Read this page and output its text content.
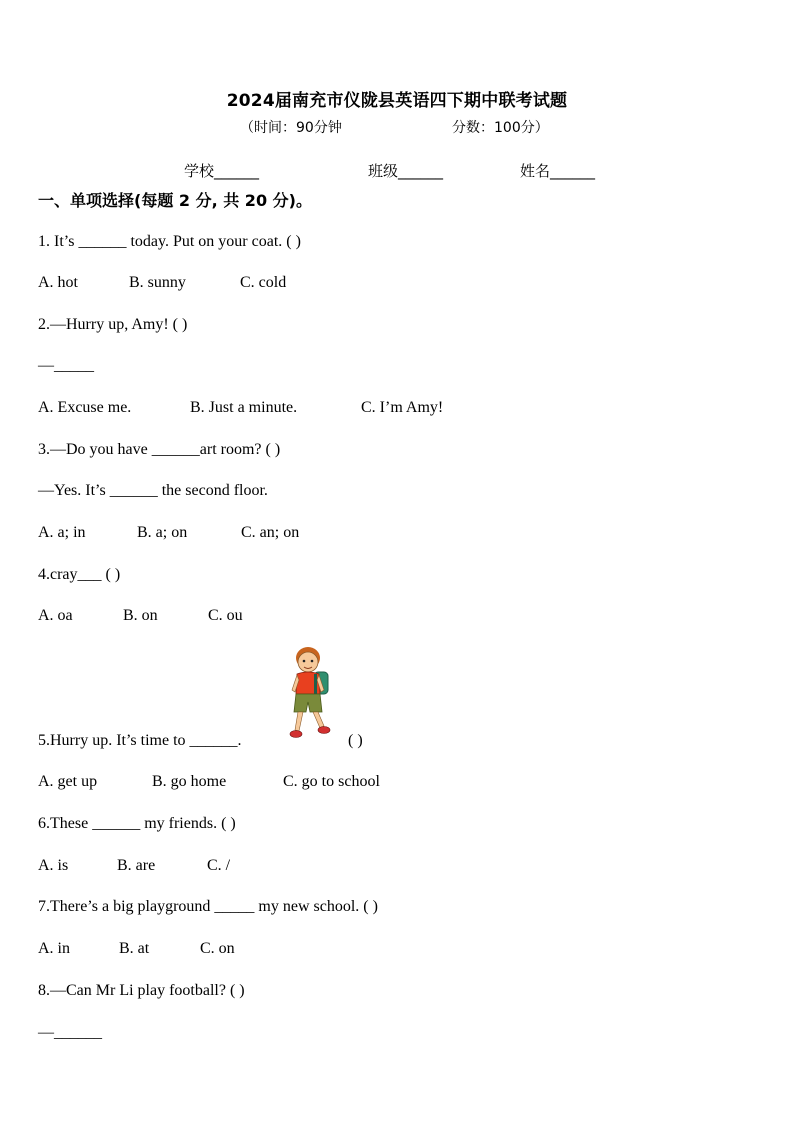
2024届南充市仪陇县英语四下期中联考试题
（时间：90分钟	分数：100分）
学校______	班级______	姓名______
一、单项选择(每题 2 分, 共 20 分)。
1. It’s ______ today. Put on your coat. ( )
A. hot	B. sunny	C. cold
2.—Hurry up, Amy! ( )
—_____
A. Excuse me.	B. Just a minute.	C. I’m Amy!
3.—Do you have ______art room? ( )
—Yes. It’s ______ the second floor.
A. a; in	B. a; on	C. an; on
4.cray___ ( )
A. oa	B. on	C. ou
5.Hurry up. It’s time to ______.	( )
A. get up	B. go home	C. go to school
6.These ______ my friends. ( )
A. is	B. are	C. /
7.There’s a big playground _____ my new school. ( )
A. in	B. at	C. on
8.—Can Mr Li play football? ( )
—______
